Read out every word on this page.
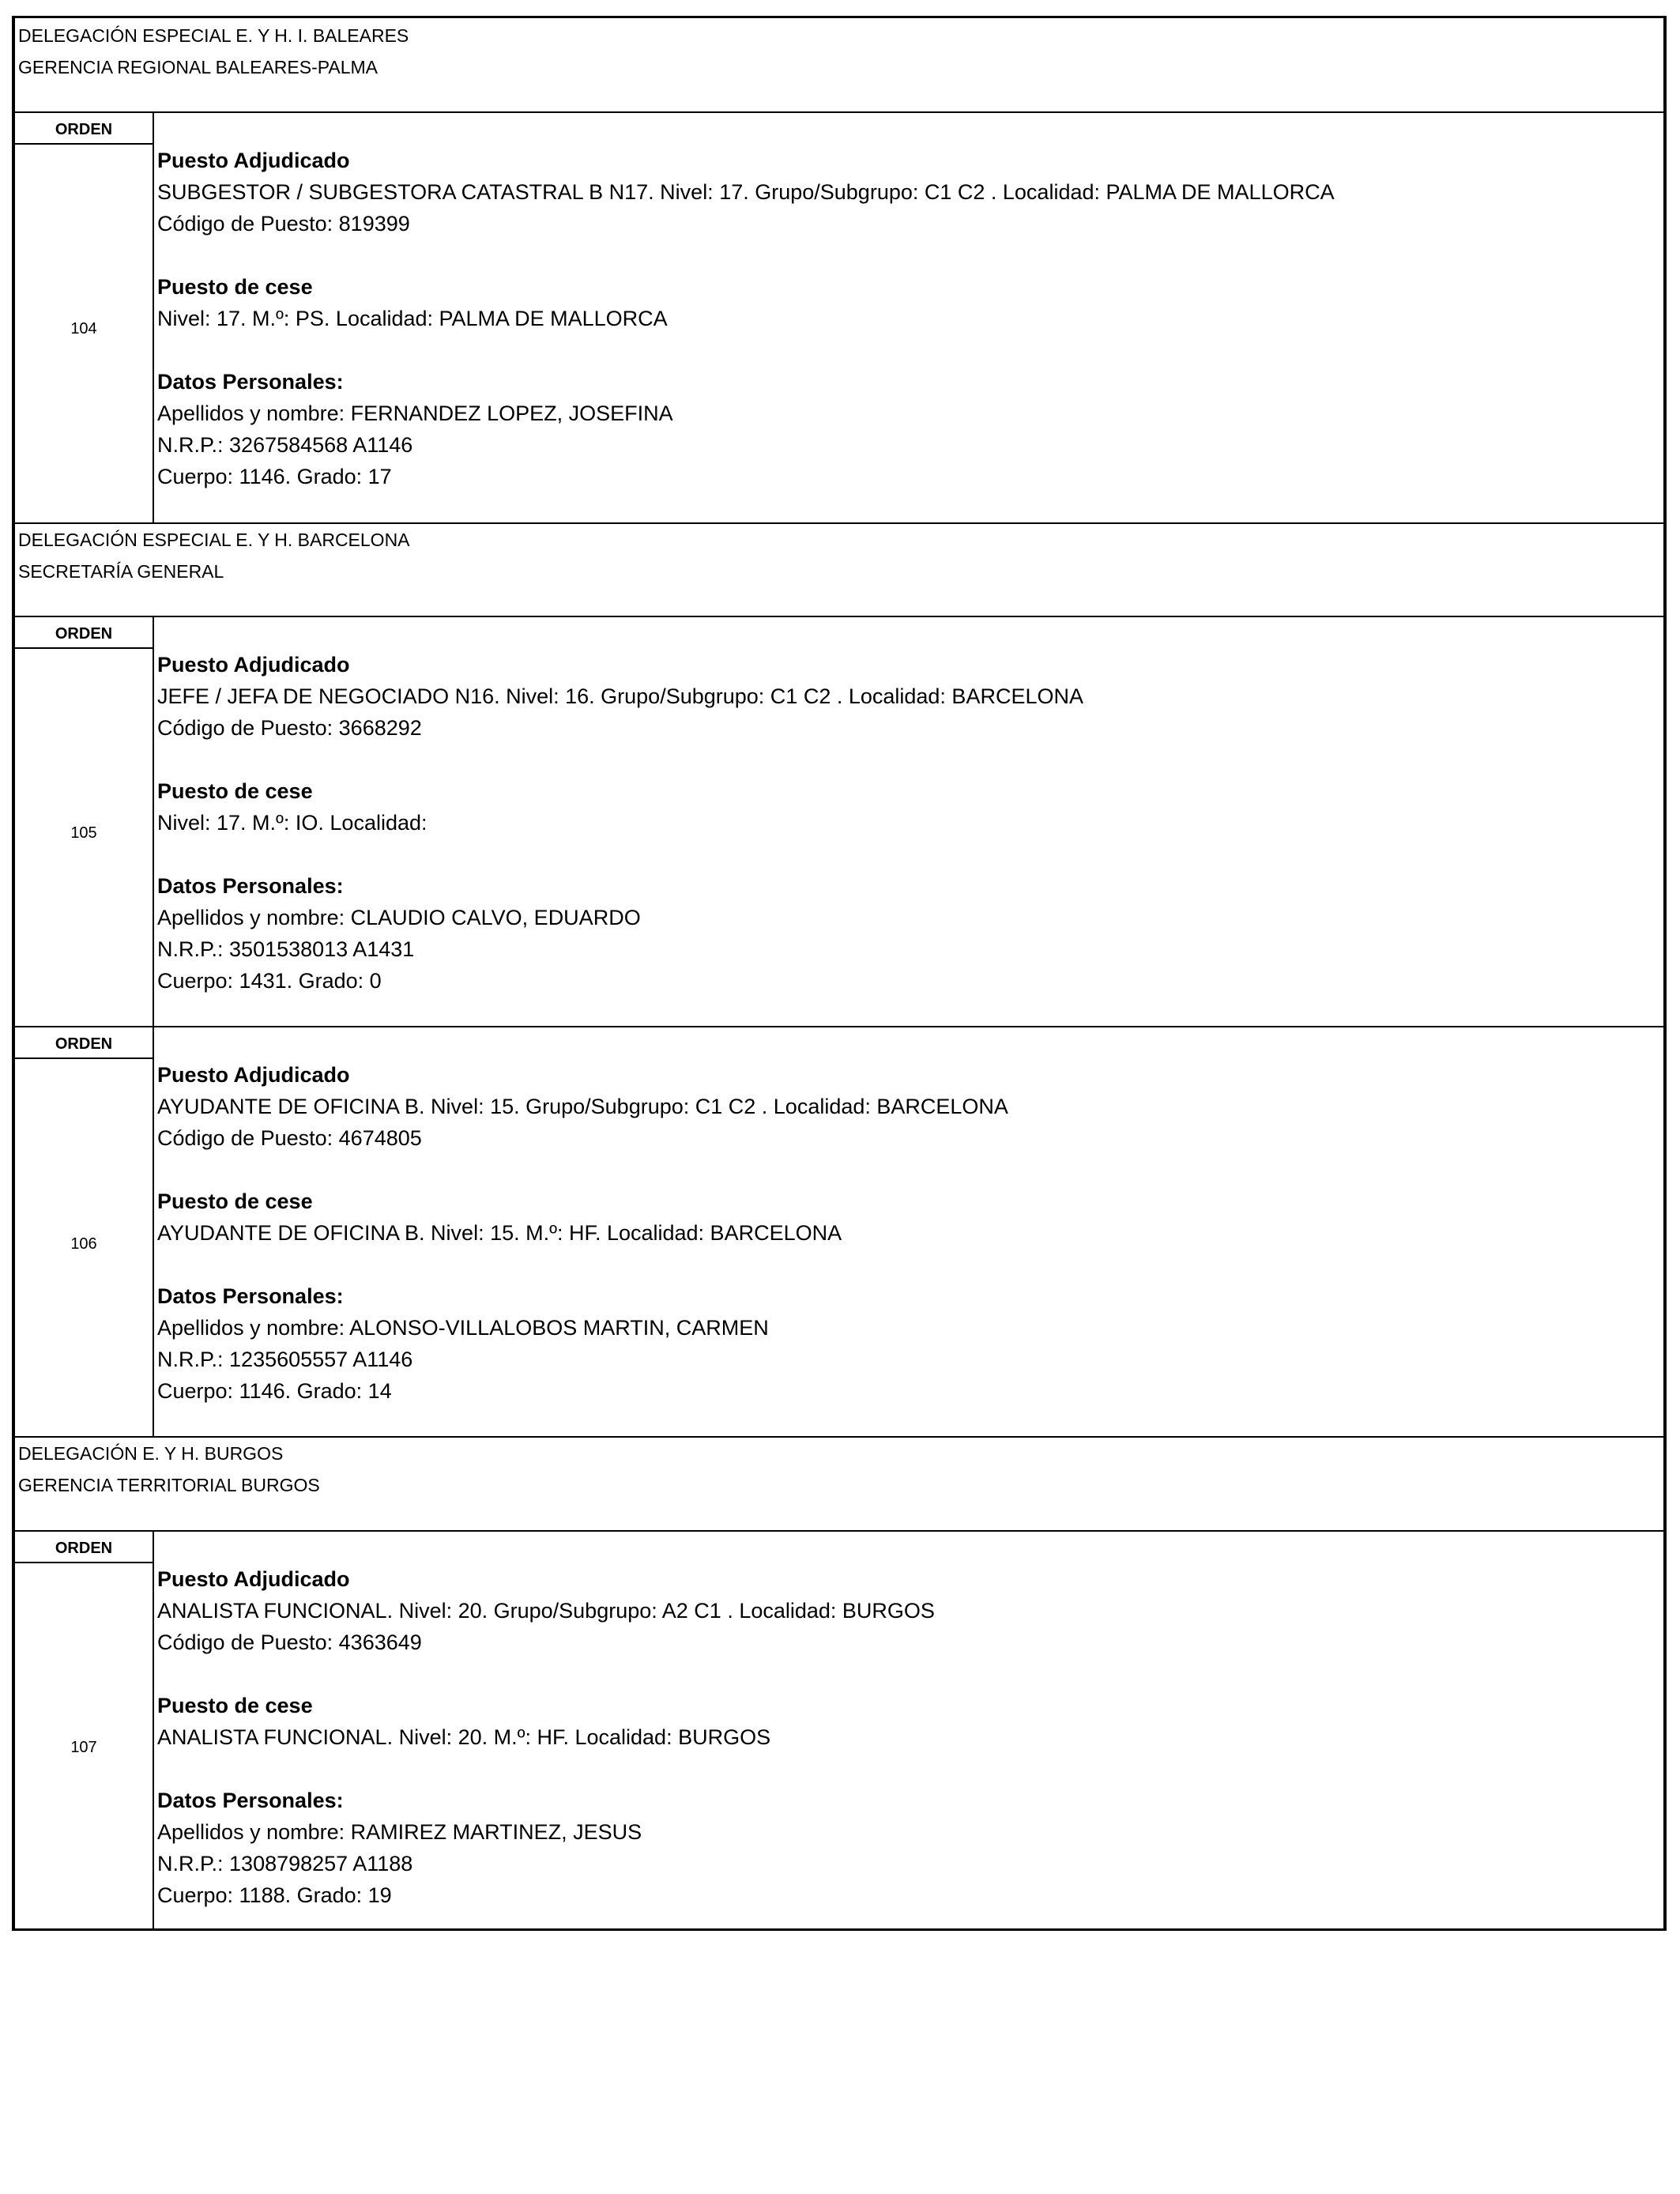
DELEGACIÓN ESPECIAL E. Y H. I. BALEARES
GERENCIA REGIONAL BALEARES-PALMA
ORDEN
104
Puesto Adjudicado
SUBGESTOR / SUBGESTORA CATASTRAL B N17. Nivel: 17. Grupo/Subgrupo: C1 C2 . Localidad: PALMA DE MALLORCA
Código de Puesto: 819399
Puesto de cese
Nivel: 17. M.º: PS. Localidad: PALMA DE MALLORCA
Datos Personales:
Apellidos y nombre: FERNANDEZ LOPEZ, JOSEFINA
N.R.P.: 3267584568 A1146
Cuerpo: 1146. Grado: 17
DELEGACIÓN ESPECIAL E. Y H. BARCELONA
SECRETARÍA GENERAL
ORDEN
105
Puesto Adjudicado
JEFE / JEFA DE NEGOCIADO N16. Nivel: 16. Grupo/Subgrupo: C1 C2 . Localidad: BARCELONA
Código de Puesto: 3668292
Puesto de cese
Nivel: 17. M.º: IO. Localidad:
Datos Personales:
Apellidos y nombre: CLAUDIO CALVO, EDUARDO
N.R.P.: 3501538013 A1431
Cuerpo: 1431. Grado: 0
ORDEN
106
Puesto Adjudicado
AYUDANTE DE OFICINA B. Nivel: 15. Grupo/Subgrupo: C1 C2 . Localidad: BARCELONA
Código de Puesto: 4674805
Puesto de cese
AYUDANTE DE OFICINA B. Nivel: 15. M.º: HF. Localidad: BARCELONA
Datos Personales:
Apellidos y nombre: ALONSO-VILLALOBOS MARTIN, CARMEN
N.R.P.: 1235605557 A1146
Cuerpo: 1146. Grado: 14
DELEGACIÓN E. Y H. BURGOS
GERENCIA TERRITORIAL BURGOS
ORDEN
107
Puesto Adjudicado
ANALISTA FUNCIONAL. Nivel: 20. Grupo/Subgrupo: A2 C1 . Localidad: BURGOS
Código de Puesto: 4363649
Puesto de cese
ANALISTA FUNCIONAL. Nivel: 20. M.º: HF. Localidad: BURGOS
Datos Personales:
Apellidos y nombre: RAMIREZ MARTINEZ, JESUS
N.R.P.: 1308798257 A1188
Cuerpo: 1188. Grado: 19
